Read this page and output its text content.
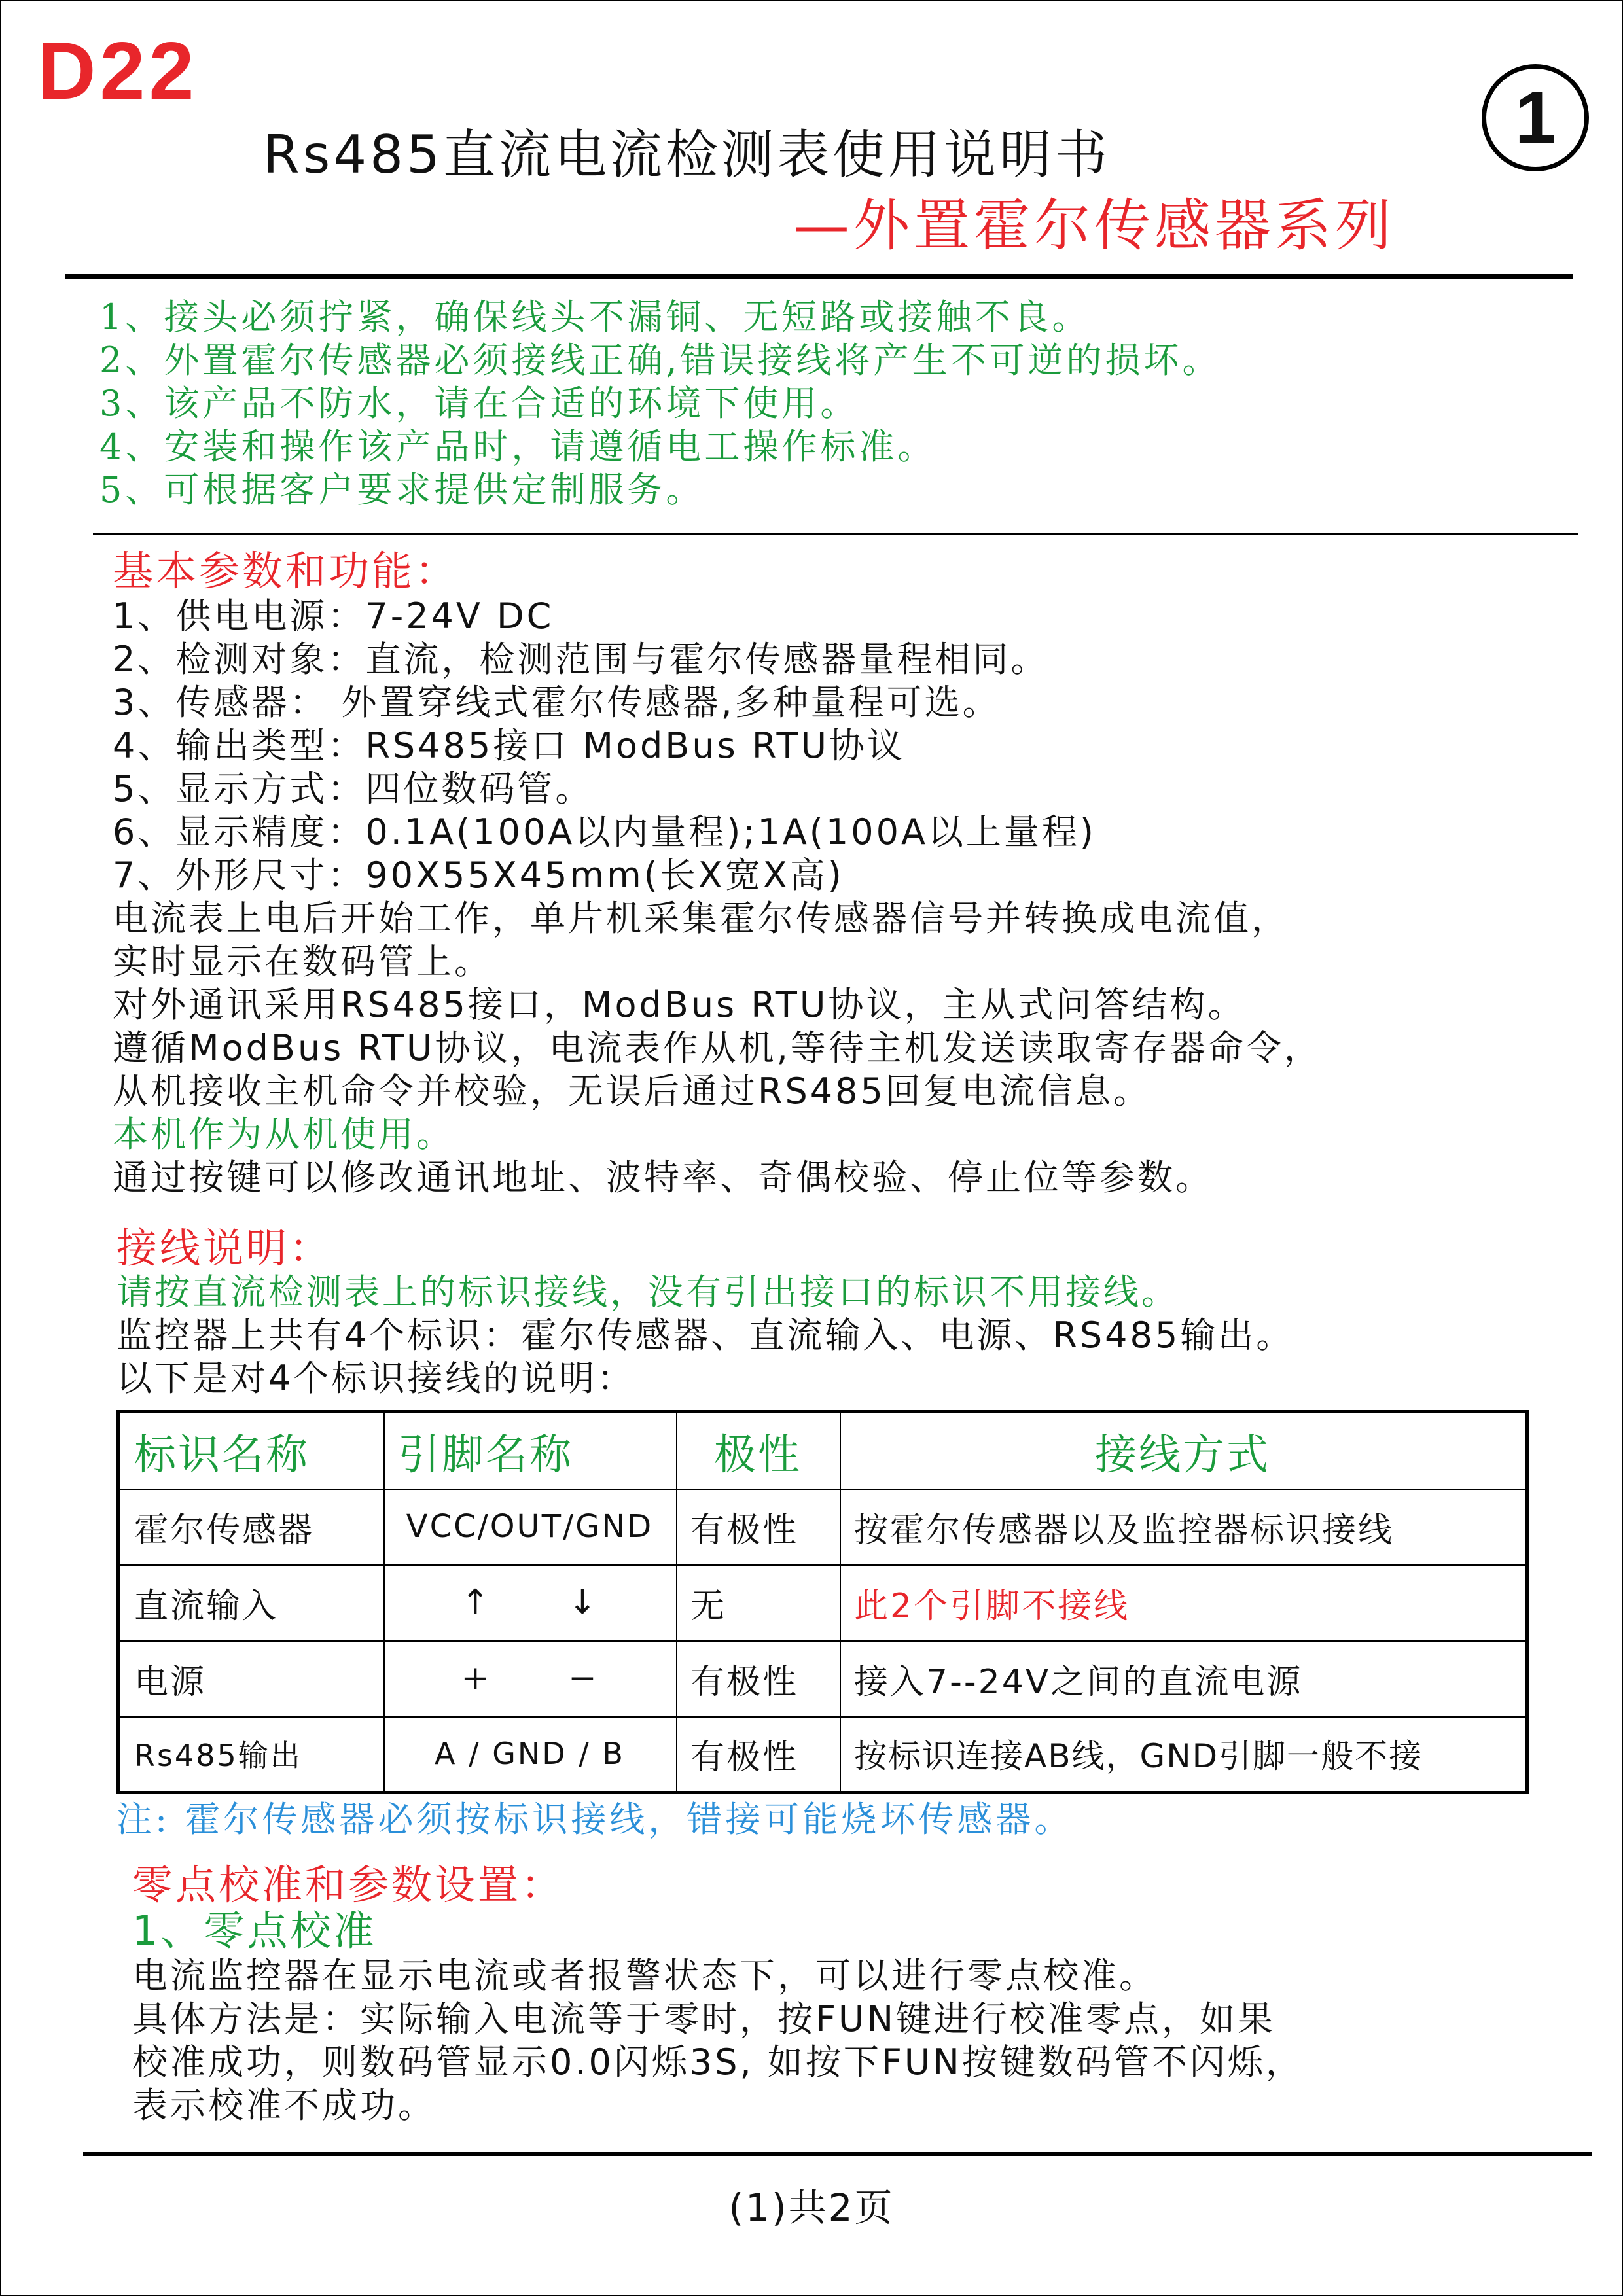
D22
1
Rs485直流电流检测表使用说明书
—外置霍尔传感器系列
1、接头必须拧紧，确保线头不漏铜、无短路或接触不良。
2、外置霍尔传感器必须接线正确,错误接线将产生不可逆的损坏。
3、该产品不防水，请在合适的环境下使用。
4、安装和操作该产品时，请遵循电工操作标准。
5、可根据客户要求提供定制服务。
基本参数和功能：
1、供电电源：7-24V DC
2、检测对象：直流，检测范围与霍尔传感器量程相同。
3、传感器： 外置穿线式霍尔传感器,多种量程可选。
4、输出类型：RS485接口 ModBus RTU协议
5、显示方式：四位数码管。
6、显示精度：0.1A(100A以内量程);1A(100A以上量程)
7、外形尺寸：90X55X45mm(长X宽X高)
电流表上电后开始工作，单片机采集霍尔传感器信号并转换成电流值，
实时显示在数码管上。
对外通讯采用RS485接口，ModBus RTU协议，主从式问答结构。
遵循ModBus RTU协议，电流表作从机,等待主机发送读取寄存器命令，
从机接收主机命令并校验，无误后通过RS485回复电流信息。
本机作为从机使用。
通过按键可以修改通讯地址、波特率、奇偶校验、停止位等参数。
接线说明：
请按直流检测表上的标识接线，没有引出接口的标识不用接线。
监控器上共有4个标识：霍尔传感器、直流输入、电源、RS485输出。
以下是对4个标识接线的说明：
标识名称	引脚名称	极性	接线方式
霍尔传感器	VCC/OUT/GND	有极性	按霍尔传感器以及监控器标识接线
直流输入	↑      ↓	无	此2个引脚不接线
电源	+      −	有极性	接入7--24V之间的直流电源
Rs485输出	A / GND / B	有极性	按标识连接AB线，GND引脚一般不接
注: 霍尔传感器必须按标识接线，错接可能烧坏传感器。
零点校准和参数设置：
1、零点校准
电流监控器在显示电流或者报警状态下，可以进行零点校准。
具体方法是：实际输入电流等于零时，按FUN键进行校准零点，如果
校准成功，则数码管显示0.0闪烁3S, 如按下FUN按键数码管不闪烁，
表示校准不成功。
(1)共2页
